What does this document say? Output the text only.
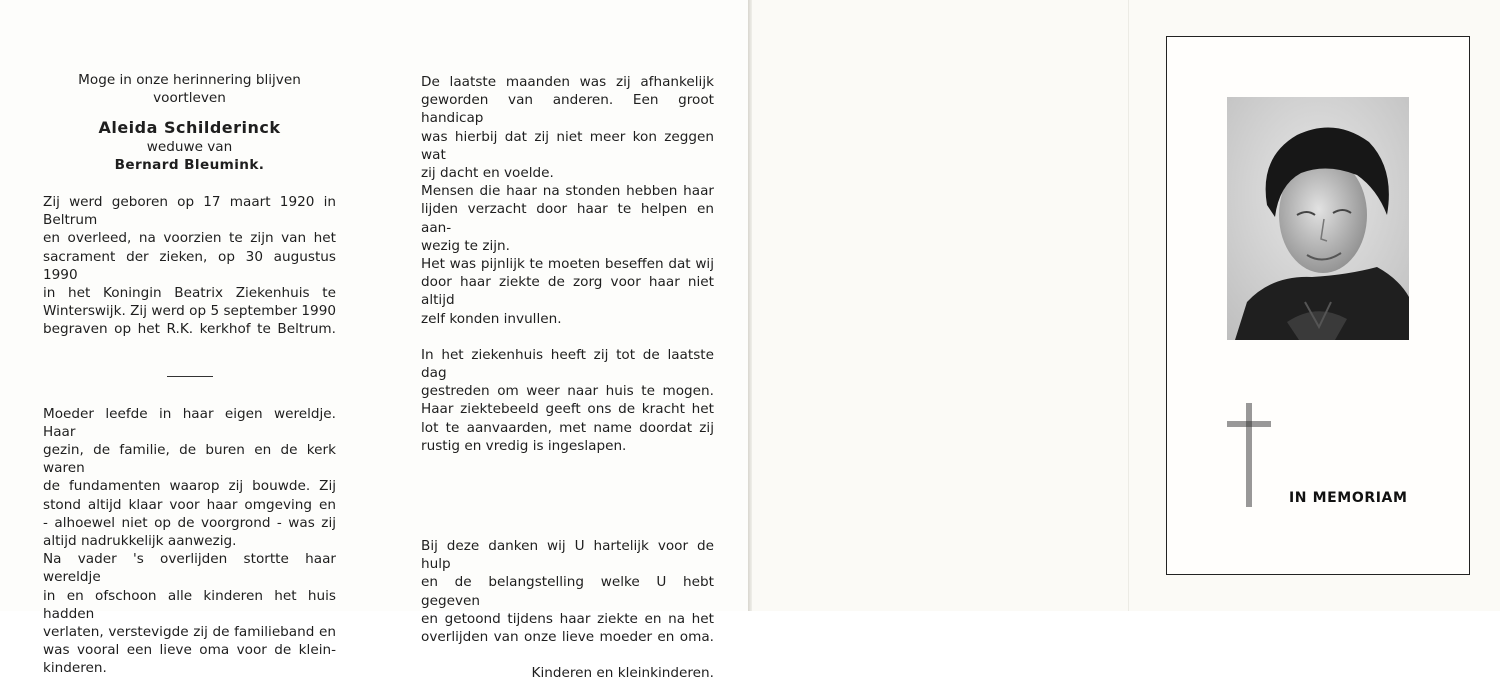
Moge in onze herinnering blijven voortleven

Aleida Schilderinck

weduwe van

Bernard Bleumink.

Zij werd geboren op 17 maart 1920 in Beltrum

en overleed, na voorzien te zijn van het

sacrament der zieken, op 30 augustus 1990

in het Koningin Beatrix Ziekenhuis te

Winterswijk. Zij werd op 5 september 1990

begraven op het R.K. kerkhof te Beltrum.

Moeder leefde in haar eigen wereldje. Haar

gezin, de familie, de buren en de kerk waren

de fundamenten waarop zij bouwde. Zij

stond altijd klaar voor haar omgeving en

- alhoewel niet op de voorgrond - was zij

altijd nadrukkelijk aanwezig.

Na vader 's overlijden stortte haar wereldje

in en ofschoon alle kinderen het huis hadden

verlaten, verstevigde zij de familieband en

was vooral een lieve oma voor de klein-

kinderen.

De laatste maanden was zij afhankelijk

geworden van anderen. Een groot handicap

was hierbij dat zij niet meer kon zeggen wat

zij dacht en voelde.

Mensen die haar na stonden hebben haar

lijden verzacht door haar te helpen en aan-

wezig te zijn.

Het was pijnlijk te moeten beseffen dat wij

door haar ziekte de zorg voor haar niet altijd

zelf konden invullen.

In het ziekenhuis heeft zij tot de laatste dag

gestreden om weer naar huis te mogen.

Haar ziektebeeld geeft ons de kracht het

lot te aanvaarden, met name doordat zij

rustig en vredig is ingeslapen.

Bij deze danken wij U hartelijk voor de hulp

en de belangstelling welke U hebt gegeven

en getoond tijdens haar ziekte en na het

overlijden van onze lieve moeder en oma.

Kinderen en kleinkinderen.

IN MEMORIAM
